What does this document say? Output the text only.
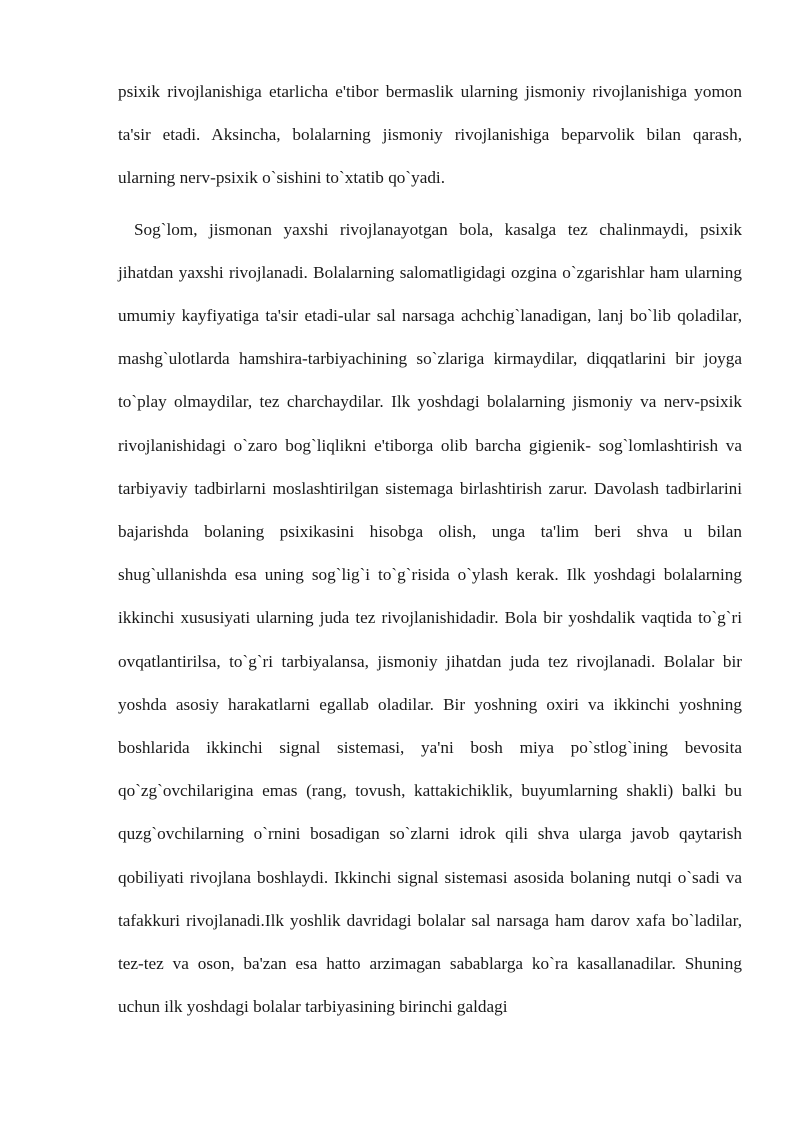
psixik rivojlanishiga etarlicha e'tibor bermaslik ularning jismoniy rivojlanishiga yomon ta'sir etadi. Aksincha, bolalarning jismoniy rivojlanishiga beparvolik bilan qarash, ularning nerv-psixik o`sishini to`xtatib qo`yadi.

Sog`lom, jismonan yaxshi rivojlanayotgan bola, kasalga tez chalinmaydi, psixik jihatdan yaxshi rivojlanadi. Bolalarning salomatligidagi ozgina o`zgarishlar ham ularning umumiy kayfiyatiga ta'sir etadi-ular sal narsaga achchig`lanadigan, lanj bo`lib qoladilar, mashg`ulotlarda hamshira-tarbiyachining so`zlariga kirmaydilar, diqqatlarini bir joyga to`play olmaydilar, tez charchaydilar. Ilk yoshdagi bolalarning jismoniy va nerv-psixik rivojlanishidagi o`zaro bog`liqlikni e'tiborga olib barcha gigienik- sog`lomlashtirish va tarbiyaviy tadbirlarni moslashtirilgan sistemaga birlashtirish zarur. Davolash tadbirlarini bajarishda bolaning psixikasini hisobga olish, unga ta'lim beri shva u bilan shug`ullanishda esa uning sog`lig`i to`g`risida o`ylash kerak. Ilk yoshdagi bolalarning ikkinchi xususiyati ularning juda tez rivojlanishidadir. Bola bir yoshdalik vaqtida to`g`ri ovqatlantirilsa, to`g`ri tarbiyalansa, jismoniy jihatdan juda tez rivojlanadi. Bolalar bir yoshda asosiy harakatlarni egallab oladilar. Bir yoshning oxiri va ikkinchi yoshning boshlarida ikkinchi signal sistemasi, ya'ni bosh miya po`stlog`ining bevosita qo`zg`ovchilarigina emas (rang, tovush, kattakichiklik, buyumlarning shakli) balki bu quzg`ovchilarning o`rnini bosadigan so`zlarni idrok qili shva ularga javob qaytarish qobiliyati rivojlana boshlaydi. Ikkinchi signal sistemasi asosida bolaning nutqi o`sadi va tafakkuri rivojlanadi.Ilk yoshlik davridagi bolalar sal narsaga ham darov xafa bo`ladilar, tez-tez va oson, ba'zan esa hatto arzimagan sabablarga ko`ra kasallanadilar. Shuning uchun ilk yoshdagi bolalar tarbiyasining birinchi galdagi
